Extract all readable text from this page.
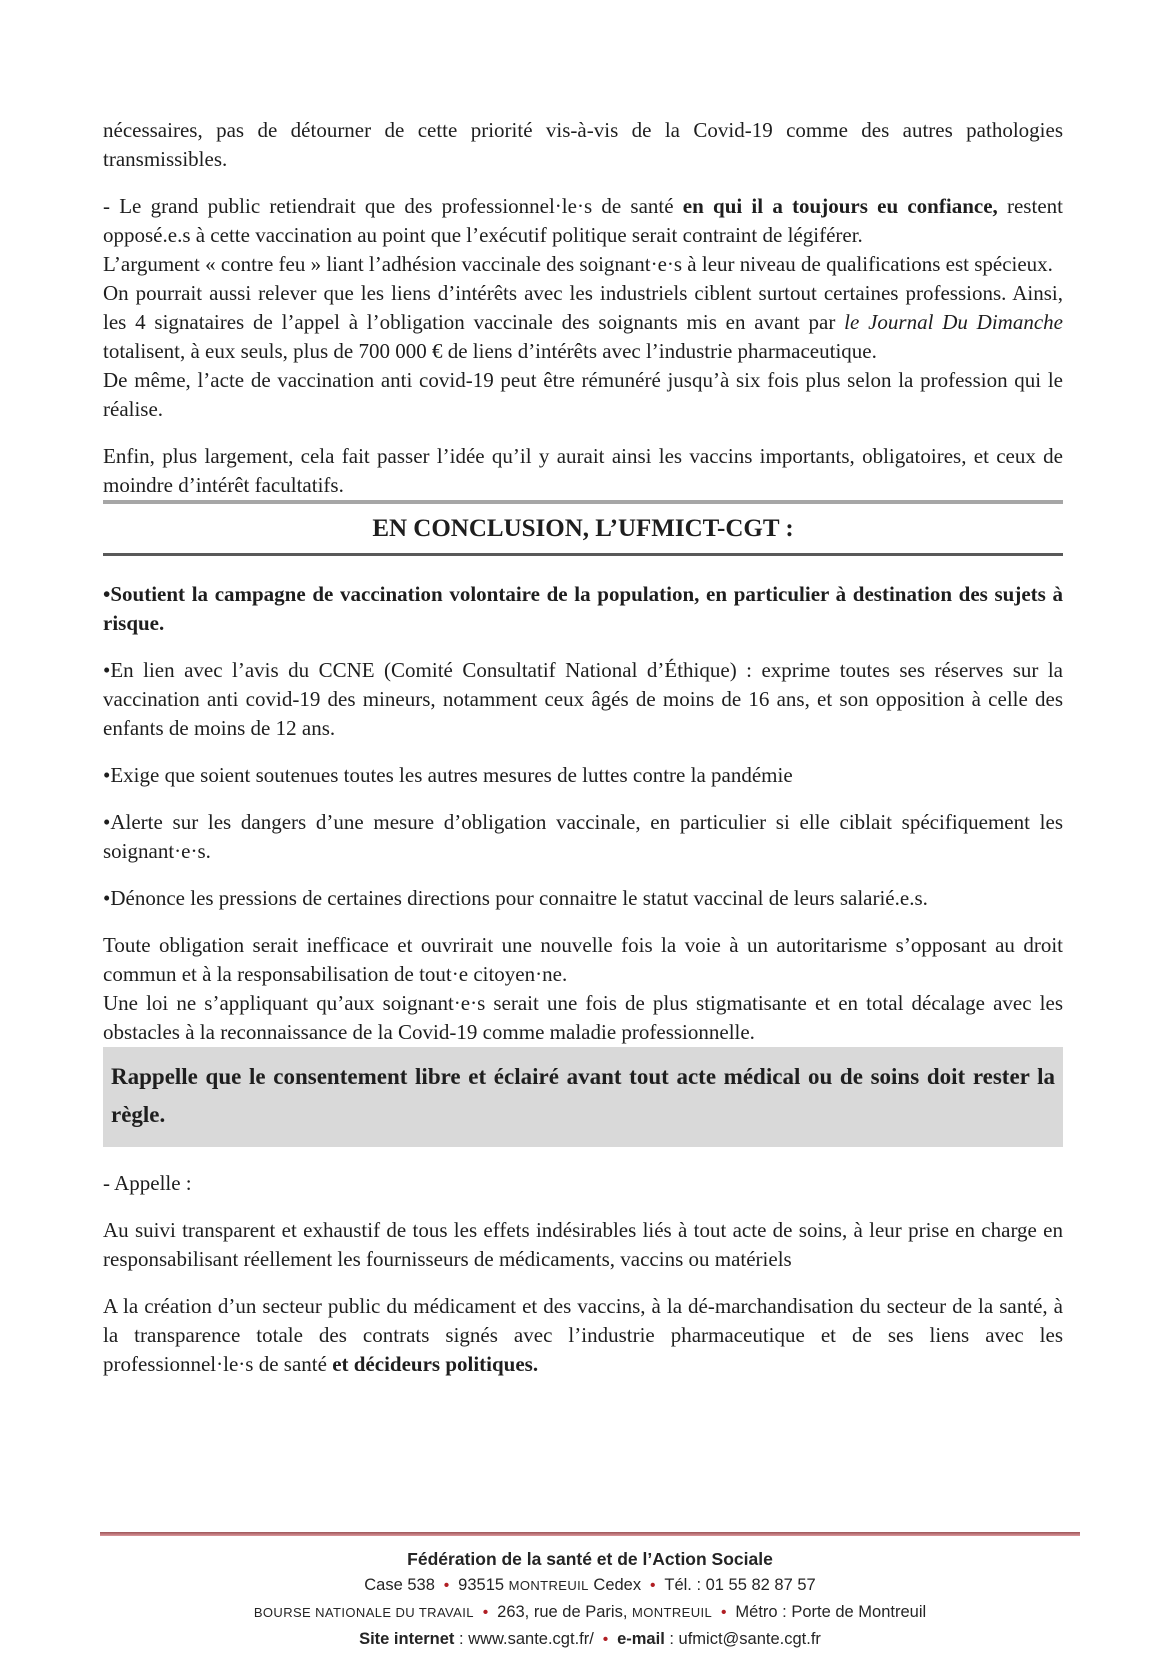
nécessaires, pas de détourner de cette priorité vis-à-vis de la Covid-19 comme des autres pathologies transmissibles.
- Le grand public retiendrait que des professionnel·le·s de santé en qui il a toujours eu confiance, restent opposé.e.s à cette vaccination au point que l’exécutif politique serait contraint de légiférer.
L’argument « contre feu » liant l’adhésion vaccinale des soignant·e·s à leur niveau de qualifications est spécieux.
On pourrait aussi relever que les liens d’intérêts avec les industriels ciblent surtout certaines professions. Ainsi, les 4 signataires de l’appel à l’obligation vaccinale des soignants mis en avant par le Journal Du Dimanche totalisent, à eux seuls, plus de 700 000 € de liens d’intérêts avec l’industrie pharmaceutique.
De même, l’acte de vaccination anti covid-19 peut être rémunéré jusqu’à six fois plus selon la profession qui le réalise.
Enfin, plus largement, cela fait passer l’idée qu’il y aurait ainsi les vaccins importants, obligatoires, et ceux de moindre d’intérêt facultatifs.
EN CONCLUSION, L’UFMICT-CGT :
•Soutient la campagne de vaccination volontaire de la population, en particulier à destination des sujets à risque.
•En lien avec l’avis du CCNE (Comité Consultatif National d’Éthique) : exprime toutes ses réserves sur la vaccination anti covid-19 des mineurs, notamment ceux âgés de moins de 16 ans, et son opposition à celle des enfants de moins de 12 ans.
•Exige que soient soutenues toutes les autres mesures de luttes contre la pandémie
•Alerte sur les dangers d’une mesure d’obligation vaccinale, en particulier si elle ciblait spécifiquement les soignant·e·s.
•Dénonce les pressions de certaines directions pour connaitre le statut vaccinal de leurs salarié.e.s.
Toute obligation serait inefficace et ouvrirait une nouvelle fois la voie à un autoritarisme s’opposant au droit commun et à la responsabilisation de tout·e citoyen·ne.
Une loi ne s’appliquant qu’aux soignant·e·s serait une fois de plus stigmatisante et en total décalage avec les obstacles à la reconnaissance de la Covid-19 comme maladie professionnelle.
Rappelle que le consentement libre et éclairé avant tout acte médical ou de soins doit rester la règle.
- Appelle :
Au suivi transparent et exhaustif de tous les effets indésirables liés à tout acte de soins, à leur prise en charge en responsabilisant réellement les fournisseurs de médicaments, vaccins ou matériels
A la création d’un secteur public du médicament et des vaccins, à la dé-marchandisation du secteur de la santé, à la transparence totale des contrats signés avec l’industrie pharmaceutique et de ses liens avec les professionnel·le·s de santé et décideurs politiques.
Fédération de la santé et de l’Action Sociale
Case 538 • 93515 MONTREUIL Cedex • Tél. : 01 55 82 87 57
BOURSE NATIONALE DU TRAVAIL • 263, rue de Paris, MONTREUIL • Métro : Porte de Montreuil
Site internet : www.sante.cgt.fr/ • e-mail : ufmict@sante.cgt.fr
